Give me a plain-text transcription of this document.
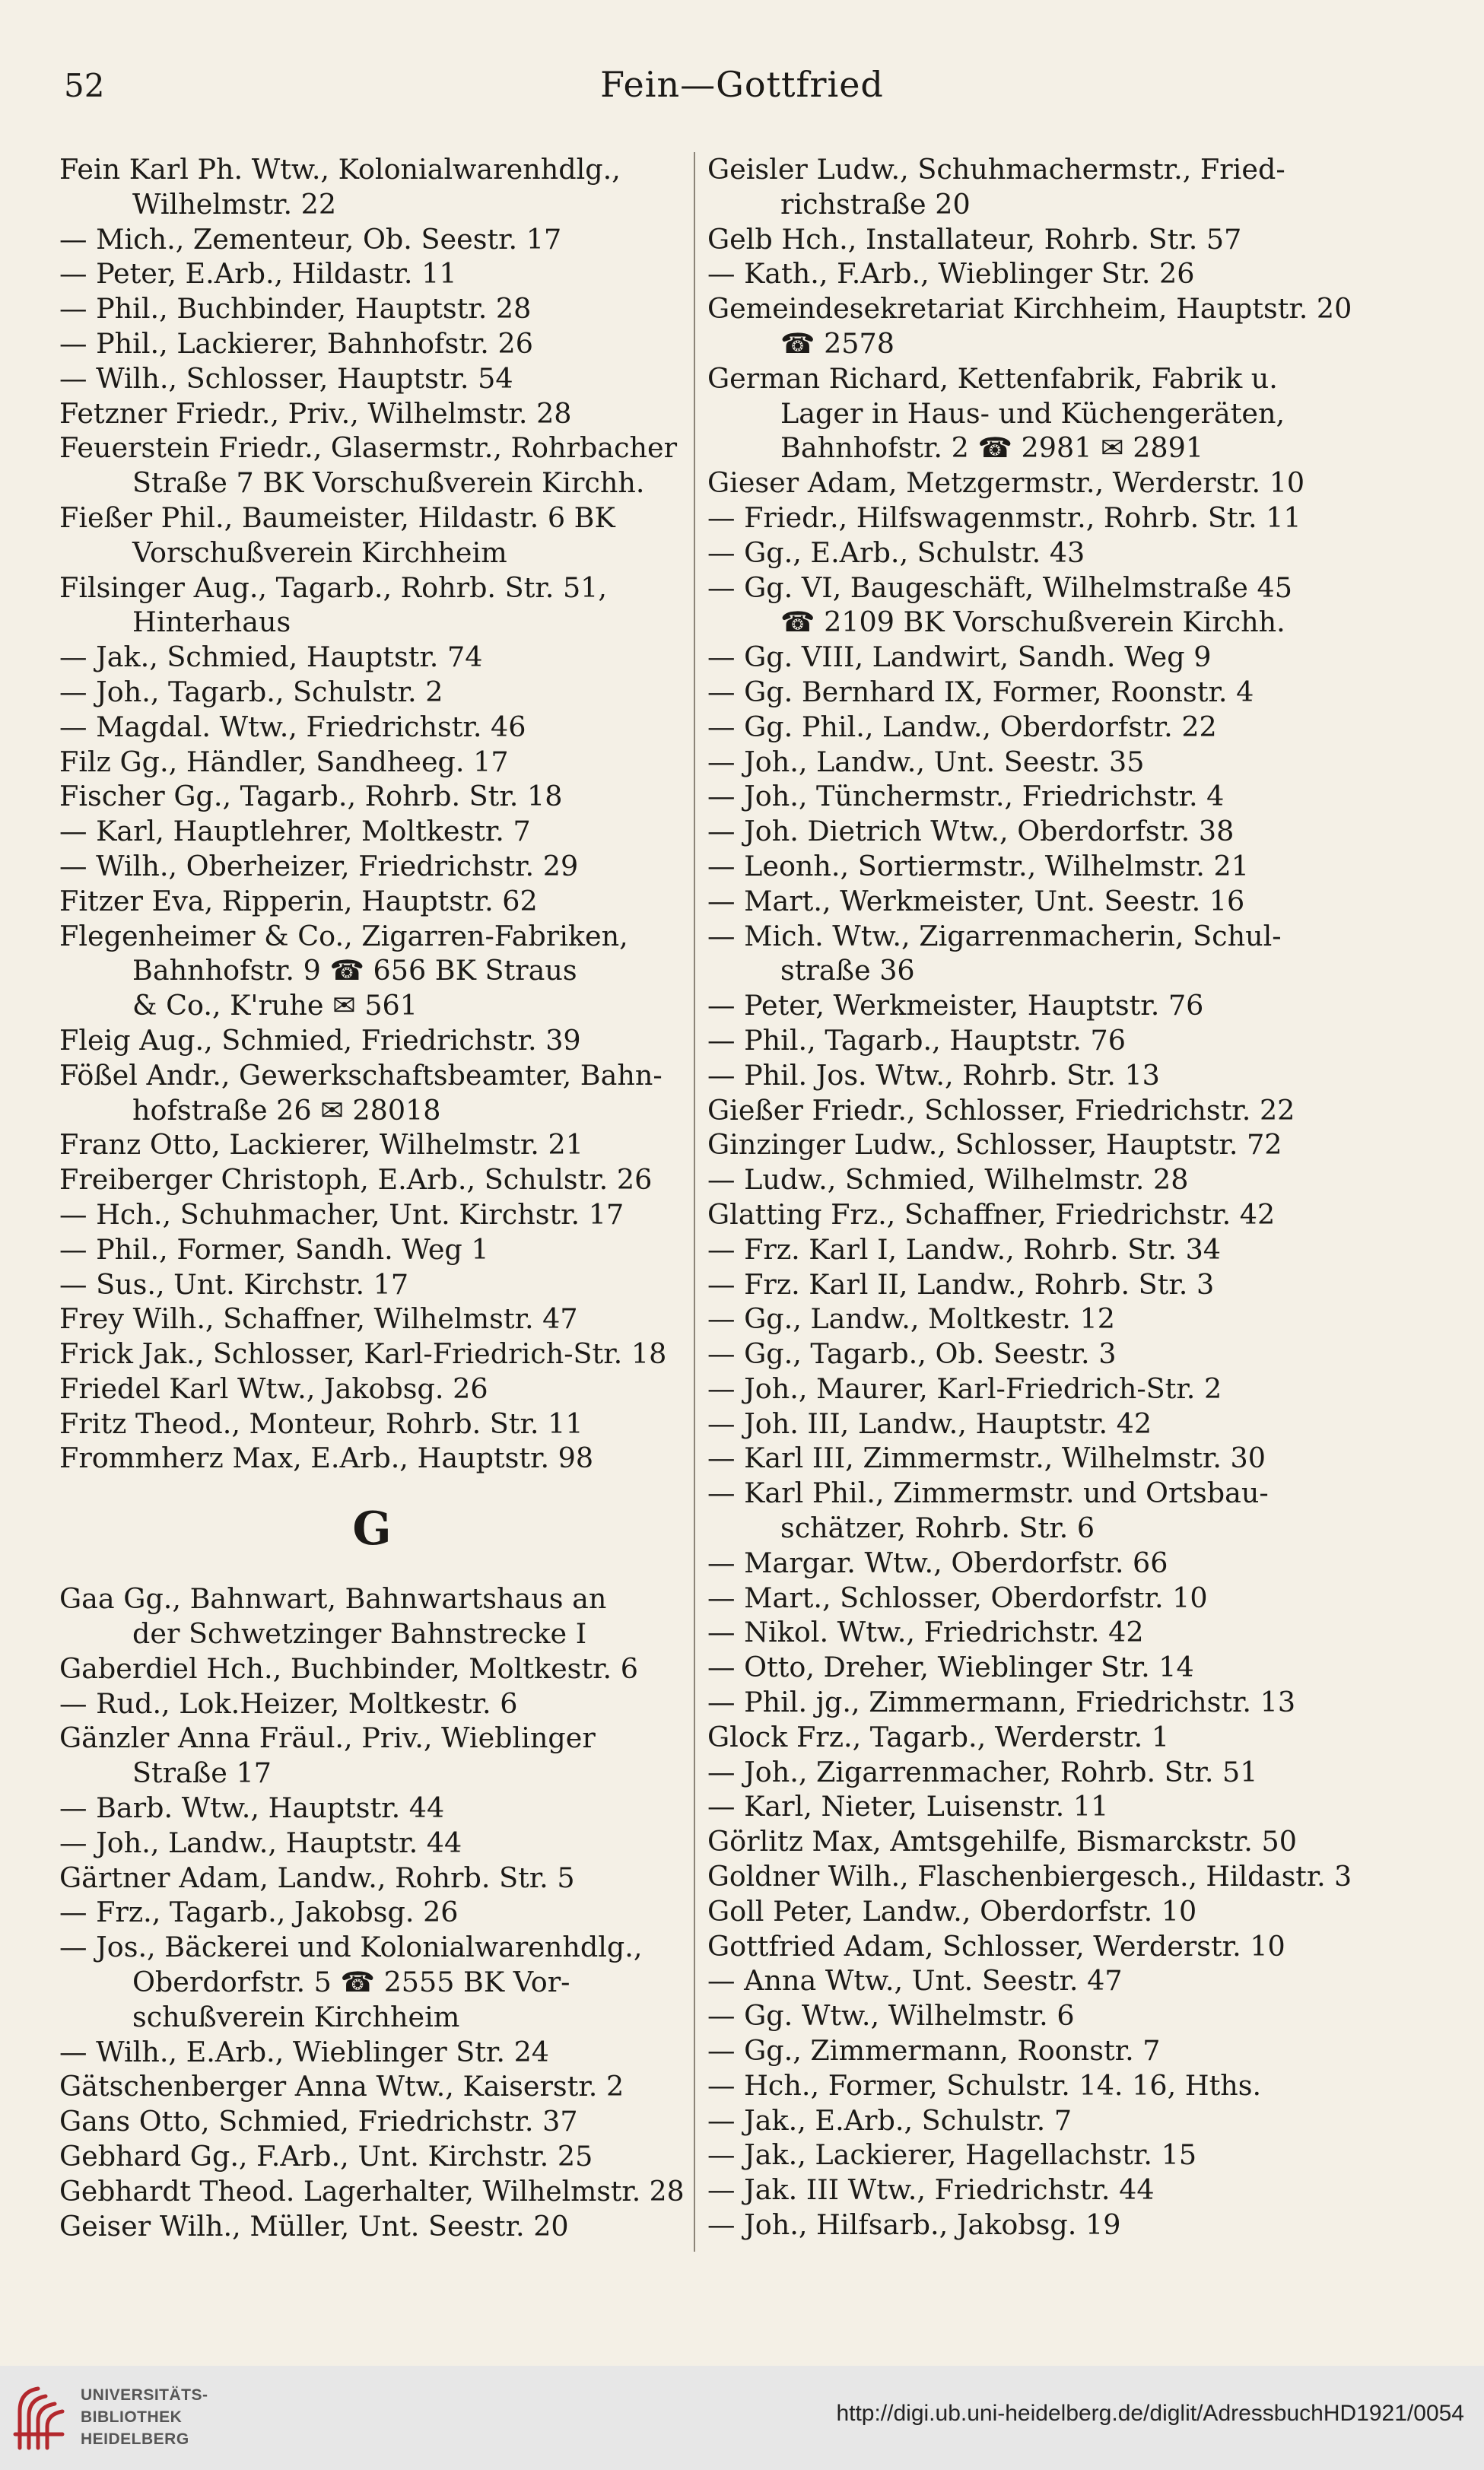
52	Fein—Gottfried
Fein Karl Ph. Wtw., Kolonialwarenhdlg.,
Wilhelmstr. 22
— Mich., Zementeur, Ob. Seestr. 17
— Peter, E.Arb., Hildastr. 11
— Phil., Buchbinder, Hauptstr. 28
— Phil., Lackierer, Bahnhofstr. 26
— Wilh., Schlosser, Hauptstr. 54
Fetzner Friedr., Priv., Wilhelmstr. 28
Feuerstein Friedr., Glasermstr., Rohrbacher
Straße 7 BK Vorschußverein Kirchh.
Fießer Phil., Baumeister, Hildastr. 6 BK
Vorschußverein Kirchheim
Filsinger Aug., Tagarb., Rohrb. Str. 51,
Hinterhaus
— Jak., Schmied, Hauptstr. 74
— Joh., Tagarb., Schulstr. 2
— Magdal. Wtw., Friedrichstr. 46
Filz Gg., Händler, Sandheeg. 17
Fischer Gg., Tagarb., Rohrb. Str. 18
— Karl, Hauptlehrer, Moltkestr. 7
— Wilh., Oberheizer, Friedrichstr. 29
Fitzer Eva, Ripperin, Hauptstr. 62
Flegenheimer & Co., Zigarren-Fabriken,
Bahnhofstr. 9 ☎ 656 BK Straus
& Co., K'ruhe ✉ 561
Fleig Aug., Schmied, Friedrichstr. 39
Fößel Andr., Gewerkschaftsbeamter, Bahn-
hofstraße 26 ✉ 28018
Franz Otto, Lackierer, Wilhelmstr. 21
Freiberger Christoph, E.Arb., Schulstr. 26
— Hch., Schuhmacher, Unt. Kirchstr. 17
— Phil., Former, Sandh. Weg 1
— Sus., Unt. Kirchstr. 17
Frey Wilh., Schaffner, Wilhelmstr. 47
Frick Jak., Schlosser, Karl-Friedrich-Str. 18
Friedel Karl Wtw., Jakobsg. 26
Fritz Theod., Monteur, Rohrb. Str. 11
Frommherz Max, E.Arb., Hauptstr. 98
G
Gaa Gg., Bahnwart, Bahnwartshaus an
der Schwetzinger Bahnstrecke I
Gaberdiel Hch., Buchbinder, Moltkestr. 6
— Rud., Lok.Heizer, Moltkestr. 6
Gänzler Anna Fräul., Priv., Wieblinger
Straße 17
— Barb. Wtw., Hauptstr. 44
— Joh., Landw., Hauptstr. 44
Gärtner Adam, Landw., Rohrb. Str. 5
— Frz., Tagarb., Jakobsg. 26
— Jos., Bäckerei und Kolonialwarenhdlg.,
Oberdorfstr. 5 ☎ 2555 BK Vor-
schußverein Kirchheim
— Wilh., E.Arb., Wieblinger Str. 24
Gätschenberger Anna Wtw., Kaiserstr. 2
Gans Otto, Schmied, Friedrichstr. 37
Gebhard Gg., F.Arb., Unt. Kirchstr. 25
Gebhardt Theod. Lagerhalter, Wilhelmstr. 28
Geiser Wilh., Müller, Unt. Seestr. 20
Geisler Ludw., Schuhmachermstr., Fried-
richstraße 20
Gelb Hch., Installateur, Rohrb. Str. 57
— Kath., F.Arb., Wieblinger Str. 26
Gemeindesekretariat Kirchheim, Hauptstr. 20
☎ 2578
German Richard, Kettenfabrik, Fabrik u.
Lager in Haus- und Küchengeräten,
Bahnhofstr. 2 ☎ 2981 ✉ 2891
Gieser Adam, Metzgermstr., Werderstr. 10
— Friedr., Hilfswagenmstr., Rohrb. Str. 11
— Gg., E.Arb., Schulstr. 43
— Gg. VI, Baugeschäft, Wilhelmstraße 45
☎ 2109 BK Vorschußverein Kirchh.
— Gg. VIII, Landwirt, Sandh. Weg 9
— Gg. Bernhard IX, Former, Roonstr. 4
— Gg. Phil., Landw., Oberdorfstr. 22
— Joh., Landw., Unt. Seestr. 35
— Joh., Tünchermstr., Friedrichstr. 4
— Joh. Dietrich Wtw., Oberdorfstr. 38
— Leonh., Sortiermstr., Wilhelmstr. 21
— Mart., Werkmeister, Unt. Seestr. 16
— Mich. Wtw., Zigarrenmacherin, Schul-
straße 36
— Peter, Werkmeister, Hauptstr. 76
— Phil., Tagarb., Hauptstr. 76
— Phil. Jos. Wtw., Rohrb. Str. 13
Gießer Friedr., Schlosser, Friedrichstr. 22
Ginzinger Ludw., Schlosser, Hauptstr. 72
— Ludw., Schmied, Wilhelmstr. 28
Glatting Frz., Schaffner, Friedrichstr. 42
— Frz. Karl I, Landw., Rohrb. Str. 34
— Frz. Karl II, Landw., Rohrb. Str. 3
— Gg., Landw., Moltkestr. 12
— Gg., Tagarb., Ob. Seestr. 3
— Joh., Maurer, Karl-Friedrich-Str. 2
— Joh. III, Landw., Hauptstr. 42
— Karl III, Zimmermstr., Wilhelmstr. 30
— Karl Phil., Zimmermstr. und Ortsbau-
schätzer, Rohrb. Str. 6
— Margar. Wtw., Oberdorfstr. 66
— Mart., Schlosser, Oberdorfstr. 10
— Nikol. Wtw., Friedrichstr. 42
— Otto, Dreher, Wieblinger Str. 14
— Phil. jg., Zimmermann, Friedrichstr. 13
Glock Frz., Tagarb., Werderstr. 1
— Joh., Zigarrenmacher, Rohrb. Str. 51
— Karl, Nieter, Luisenstr. 11
Görlitz Max, Amtsgehilfe, Bismarckstr. 50
Goldner Wilh., Flaschenbiergesch., Hildastr. 3
Goll Peter, Landw., Oberdorfstr. 10
Gottfried Adam, Schlosser, Werderstr. 10
— Anna Wtw., Unt. Seestr. 47
— Gg. Wtw., Wilhelmstr. 6
— Gg., Zimmermann, Roonstr. 7
— Hch., Former, Schulstr. 14. 16, Hths.
— Jak., E.Arb., Schulstr. 7
— Jak., Lackierer, Hagellachstr. 15
— Jak. III Wtw., Friedrichstr. 44
— Joh., Hilfsarb., Jakobsg. 19
UNIVERSITÄTS-
BIBLIOTHEK
HEIDELBERG
http://digi.ub.uni-heidelberg.de/diglit/AdressbuchHD1921/0054
